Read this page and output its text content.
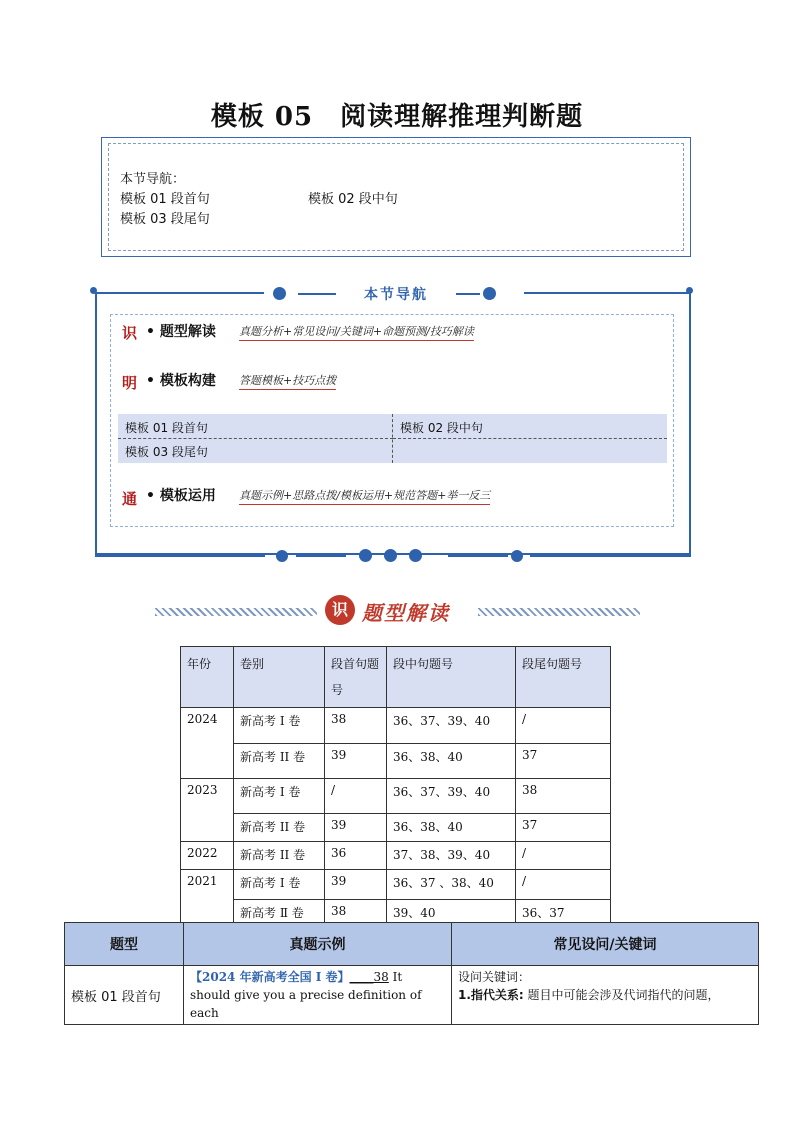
模板 05　阅读理解推理判断题
本节导航：
模板 01 段首句	模板 02 段中句
模板 03 段尾句
本节导航
识 • 题型解读 真题分析+常见设问/关键词+命题预测/技巧解读
明 • 模板构建 答题模板+技巧点拨
模板 01 段首句	模板 02 段中句
模板 03 段尾句
通 • 模板运用 真题示例+思路点拨/模板运用+规范答题+举一反三
识 题型解读
年份	卷别	段首句题号	段中句题号	段尾句题号
2024	新高考 I 卷	38	36、37、39、40	/
	新高考 II 卷	39	36、38、40	37
2023	新高考 I 卷	/	36、37、39、40	38
	新高考 II 卷	39	36、38、40	37
2022	新高考 II 卷	36	37、38、39、40	/
2021	新高考 I 卷	39	36、37 、38、40	/
	新高考 Ⅱ 卷	38	39、40	36、37
题型	真题示例	常见设问/关键词
模板 01 段首句	【2024 年新高考全国 I 卷】____38 It should give you a precise definition of each	设问关键词：
1.指代关系: 题目中可能会涉及代词指代的问题，
